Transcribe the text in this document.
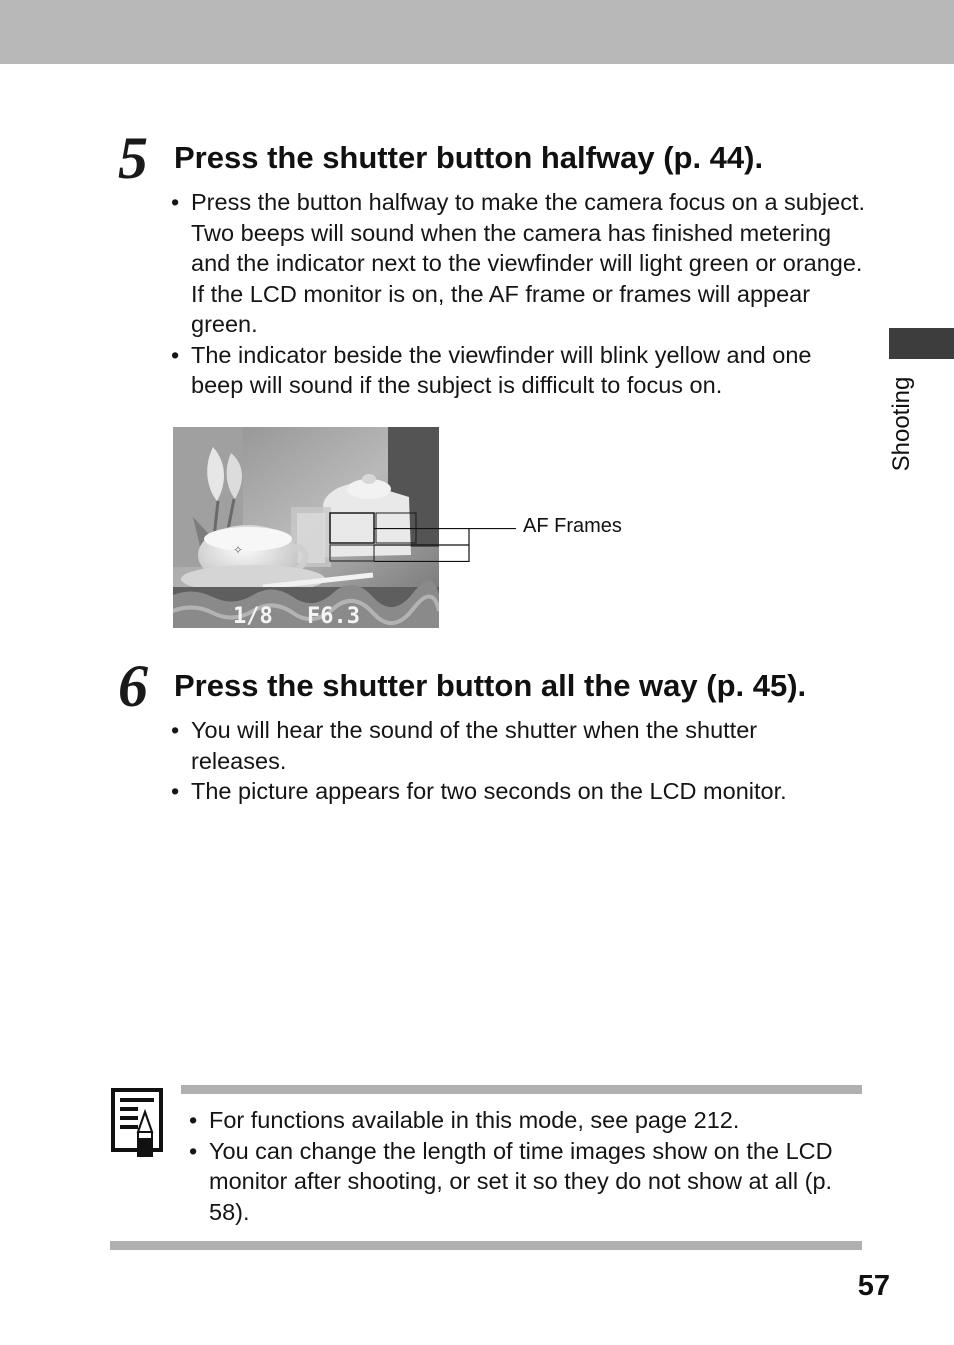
5 Press the shutter button halfway (p. 44).
• Press the button halfway to make the camera focus on a subject. Two beeps will sound when the camera has finished metering and the indicator next to the viewfinder will light green or orange. If the LCD monitor is on, the AF frame or frames will appear green.
• The indicator beside the viewfinder will blink yellow and one beep will sound if the subject is difficult to focus on.
✧
1/8 F6.3
AF Frames
6 Press the shutter button all the way (p. 45).
• You will hear the sound of the shutter when the shutter releases.
• The picture appears for two seconds on the LCD monitor.
Shooting
• For functions available in this mode, see page 212.
• You can change the length of time images show on the LCD monitor after shooting, or set it so they do not show at all (p. 58).
57
